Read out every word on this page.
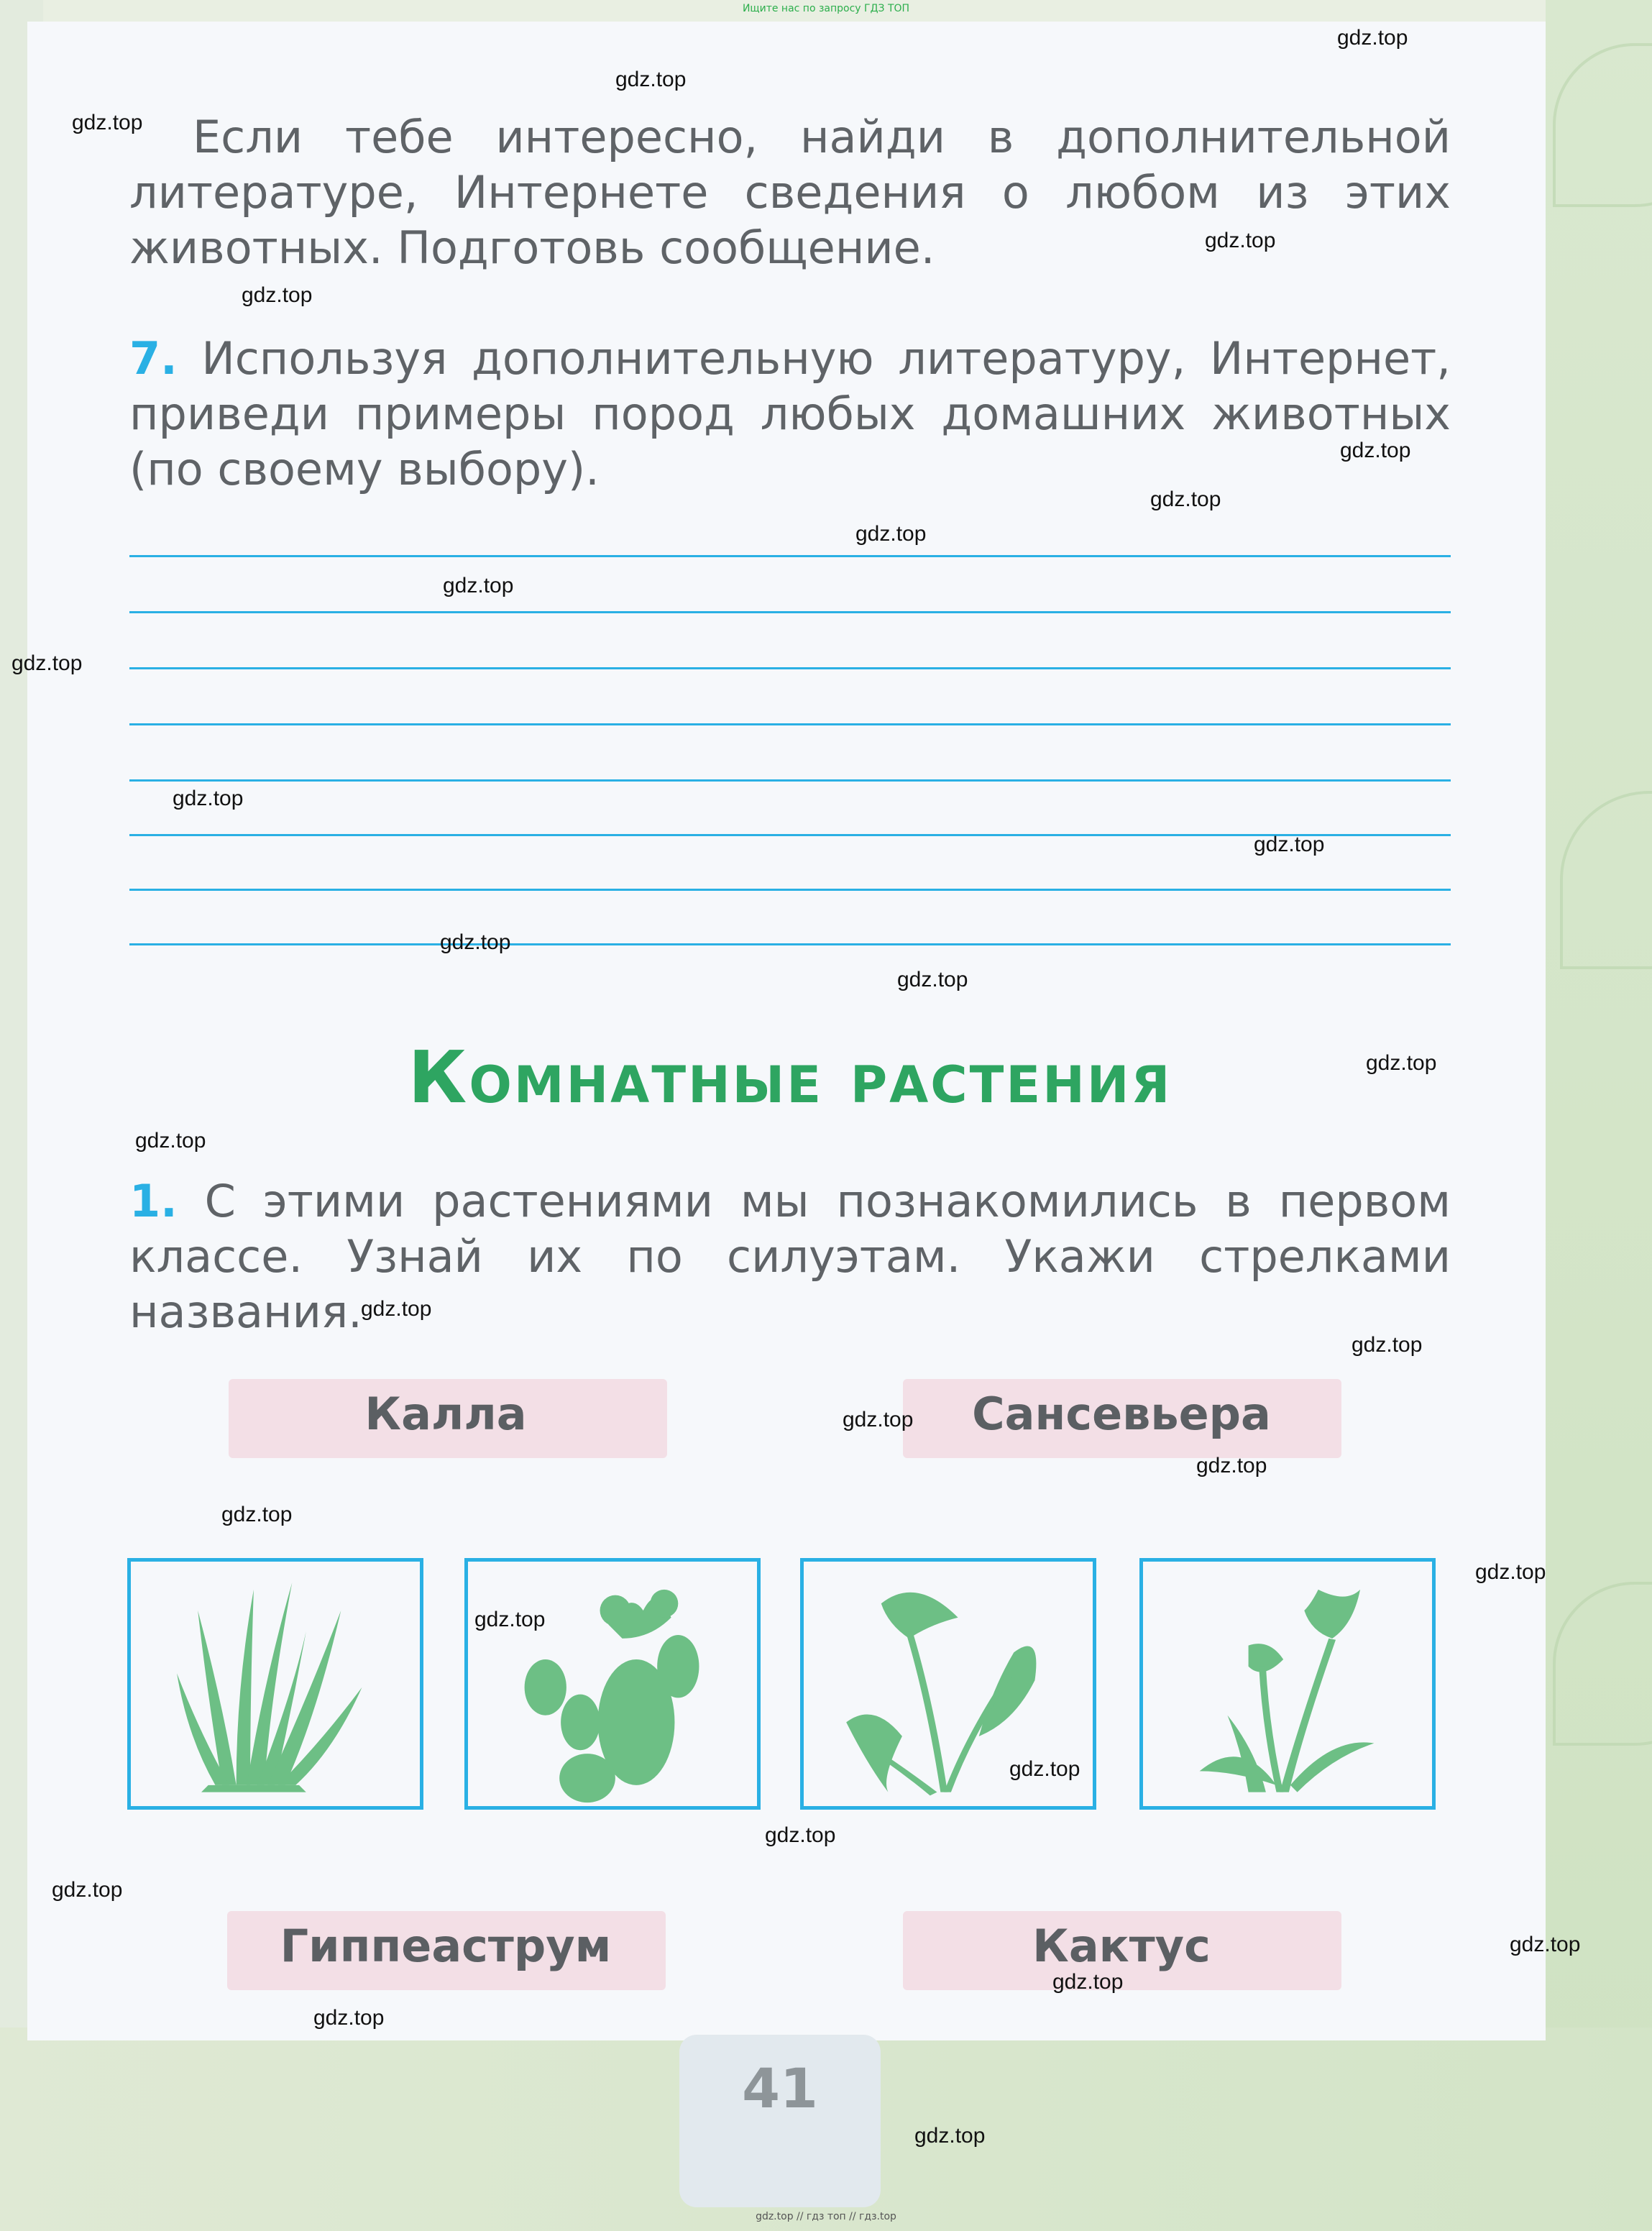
Ищите нас по запросу ГДЗ ТОП

Если тебе интересно, найди в дополнительной

литературе, Интернете сведения о любом из этих

животных. Подготовь сообщение.

7. Используя дополнительную литературу, Интернет,

приведи примеры пород любых домашних животных

(по своему выбору).

Комнатные растения

1. С этими растениями мы познакомились в первом

классе. Узнай их по силуэтам. Укажи стрелками

названия.

Калла	Сансевьера
Гиппеаструм	Кактус
41
gdz.top // гдз топ // гдз.top
gdz.top
gdz.top
gdz.top
gdz.top
gdz.top
gdz.top
gdz.top
gdz.top
gdz.top
gdz.top
gdz.top
gdz.top
gdz.top
gdz.top
gdz.top
gdz.top
gdz.top
gdz.top
gdz.top
gdz.top
gdz.top
gdz.top
gdz.top
gdz.top
gdz.top
gdz.top
gdz.top
gdz.top
gdz.top
gdz.top
